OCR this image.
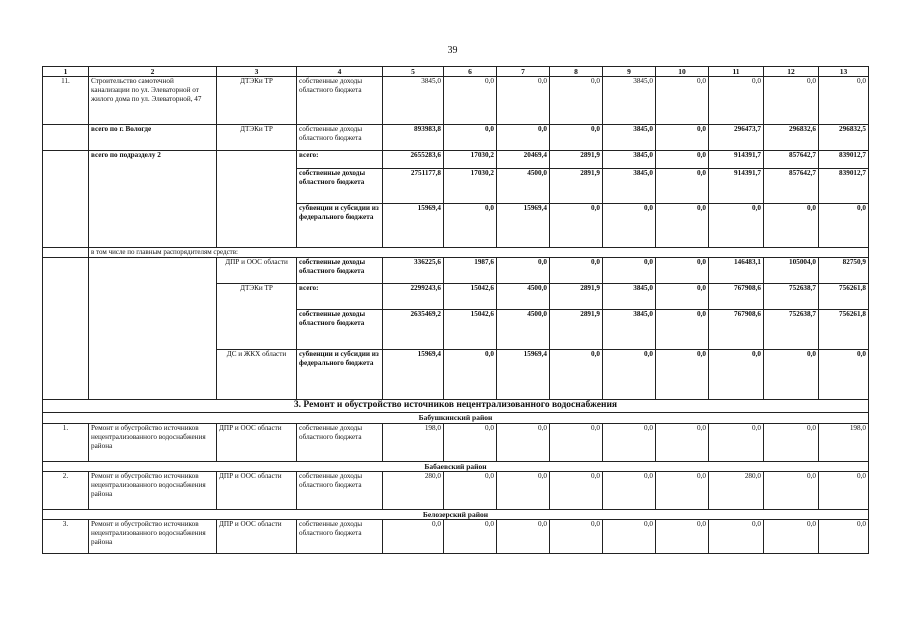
39
1	2	3	4	5	6	7	8	9	10	11	12	13
11.	Строительство самотечной канализации по ул. Элеваторной от жилого дома по ул. Элеваторной, 47	ДТЭКи ТР	собственные доходы областного бюджета	3845,0	0,0	0,0	0,0	3845,0	0,0	0,0	0,0	0,0
	всего по г. Вологде	ДТЭКи ТР	собственные доходы областного бюджета	893983,8	0,0	0,0	0,0	3845,0	0,0	296473,7	296832,6	296832,5
	всего по подразделу 2		всего:	2655283,6	17030,2	20469,4	2891,9	3845,0	0,0	914391,7	857642,7	839012,7
			собственные доходы областного бюджета	2751177,8	17030,2	4500,0	2891,9	3845,0	0,0	914391,7	857642,7	839012,7
			субвенции и субсидии из федерального бюджета	15969,4	0,0	15969,4	0,0	0,0	0,0	0,0	0,0	0,0
	в том числе по главным распорядителям средств:											
		ДПР и ООС области	собственные доходы областного бюджета	336225,6	1987,6	0,0	0,0	0,0	0,0	146483,1	105004,0	82750,9
		ДТЭКи ТР	всего:	2299243,6	15042,6	4500,0	2891,9	3845,0	0,0	767908,6	752638,7	756261,8
			собственные доходы областного бюджета	2635469,2	15042,6	4500,0	2891,9	3845,0	0,0	767908,6	752638,7	756261,8
		ДС и ЖКХ области	субвенции и субсидии из федерального бюджета	15969,4	0,0	15969,4	0,0	0,0	0,0	0,0	0,0	0,0
3. Ремонт и обустройство источников нецентрализованного водоснабжения												
Бабушкинский район												
1.	Ремонт и обустройство источников нецентрализованного водоснабжения района	ДПР и ООС области	собственные доходы областного бюджета	198,0	0,0	0,0	0,0	0,0	0,0	0,0	0,0	198,0
Бабаевский район												
2.	Ремонт и обустройство источников нецентрализованного водоснабжения района	ДПР и ООС области	собственные доходы областного бюджета	280,0	0,0	0,0	0,0	0,0	0,0	280,0	0,0	0,0
Белозерский район												
3.	Ремонт и обустройство источников нецентрализованного водоснабжения района	ДПР и ООС области	собственные доходы областного бюджета	0,0	0,0	0,0	0,0	0,0	0,0	0,0	0,0	0,0
